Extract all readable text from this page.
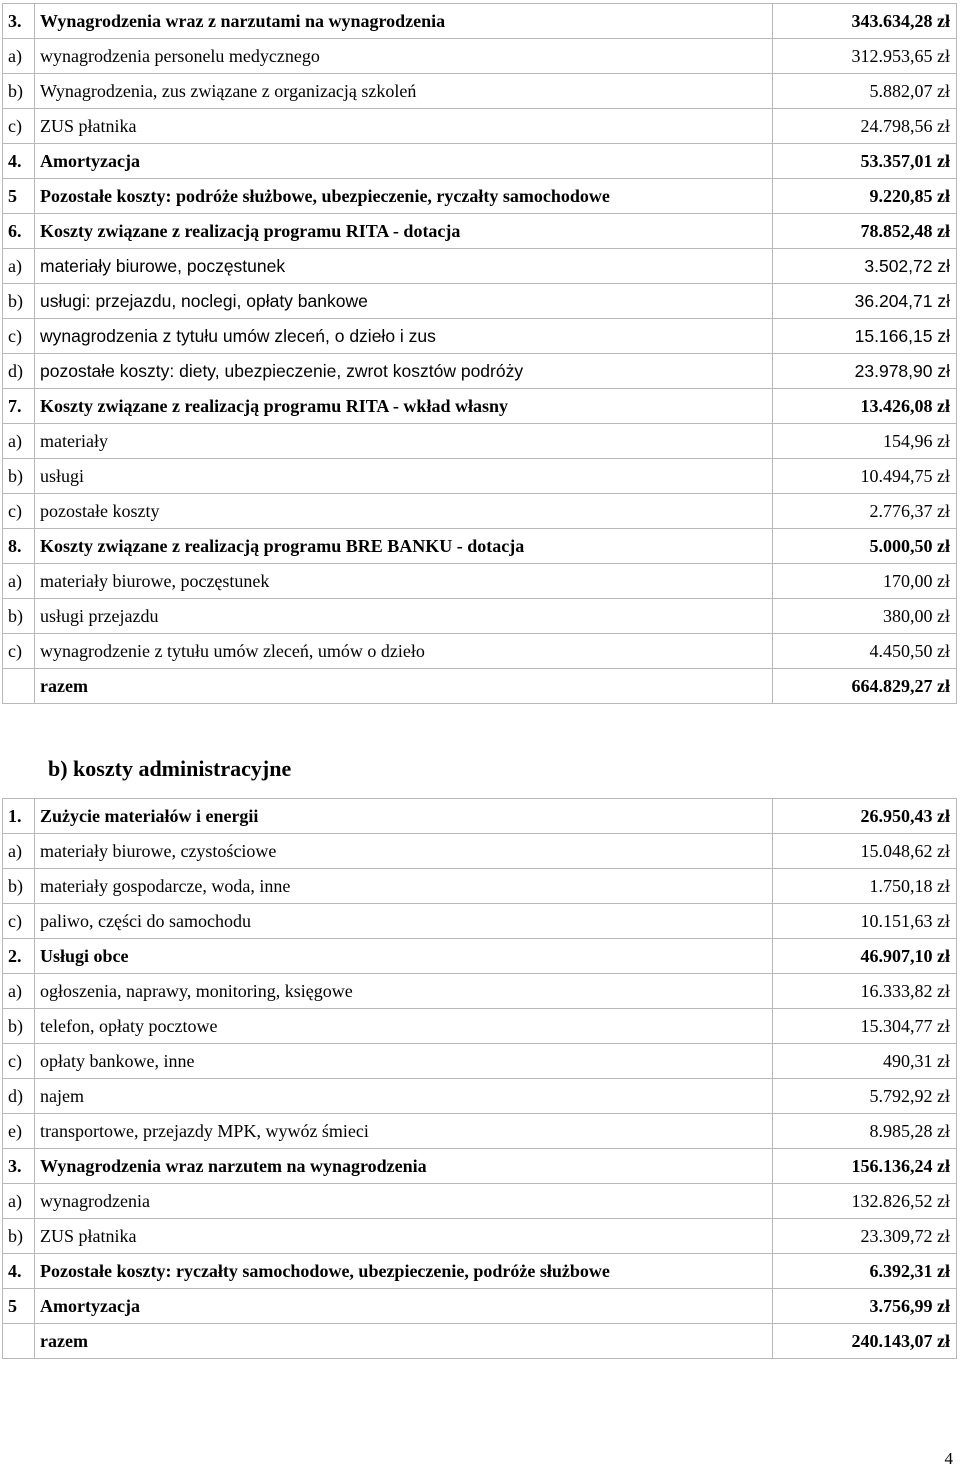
3.	Wynagrodzenia wraz z narzutami na wynagrodzenia	343.634,28 zł
a)	wynagrodzenia personelu medycznego	312.953,65 zł
b)	Wynagrodzenia, zus związane z organizacją szkoleń	5.882,07 zł
c)	ZUS płatnika	24.798,56 zł
4.	Amortyzacja	53.357,01 zł
5	Pozostałe koszty: podróże służbowe, ubezpieczenie, ryczałty samochodowe	9.220,85 zł
6.	Koszty związane z realizacją programu RITA - dotacja	78.852,48 zł
a)	materiały biurowe, poczęstunek	3.502,72 zł
b)	usługi: przejazdu, noclegi, opłaty bankowe	36.204,71 zł
c)	wynagrodzenia z tytułu umów zleceń, o dzieło i zus	15.166,15 zł
d)	pozostałe koszty: diety, ubezpieczenie, zwrot kosztów podróży	23.978,90 zł
7.	Koszty związane z realizacją programu RITA - wkład własny	13.426,08 zł
a)	materiały	154,96 zł
b)	usługi	10.494,75 zł
c)	pozostałe koszty	2.776,37 zł
8.	Koszty związane z realizacją programu BRE BANKU - dotacja	5.000,50 zł
a)	materiały biurowe, poczęstunek	170,00 zł
b)	usługi przejazdu	380,00 zł
c)	wynagrodzenie z tytułu umów zleceń, umów o dzieło	4.450,50 zł
	razem	664.829,27 zł
b) koszty administracyjne
1.	Zużycie materiałów i energii	26.950,43 zł
a)	materiały biurowe, czystościowe	15.048,62 zł
b)	materiały gospodarcze, woda, inne	1.750,18 zł
c)	paliwo, części do samochodu	10.151,63 zł
2.	Usługi obce	46.907,10 zł
a)	ogłoszenia, naprawy, monitoring, księgowe	16.333,82 zł
b)	telefon, opłaty pocztowe	15.304,77 zł
c)	opłaty bankowe, inne	490,31 zł
d)	najem	5.792,92 zł
e)	transportowe, przejazdy MPK, wywóz śmieci	8.985,28 zł
3.	Wynagrodzenia wraz narzutem na wynagrodzenia	156.136,24 zł
a)	wynagrodzenia	132.826,52 zł
b)	ZUS płatnika	23.309,72 zł
4.	Pozostałe koszty: ryczałty samochodowe, ubezpieczenie, podróże służbowe	6.392,31 zł
5	Amortyzacja	3.756,99 zł
	razem	240.143,07 zł
4
